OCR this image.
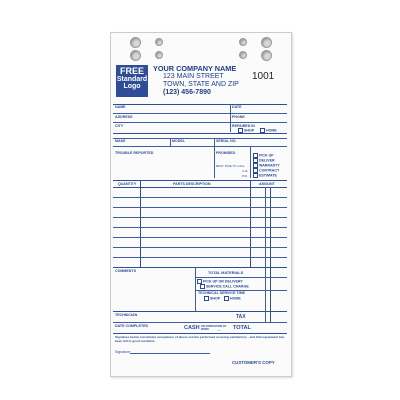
FREE
Standard
Logo
YOUR COMPANY NAME
123 MAIN STREET
TOWN, STATE AND ZIP
(123) 456-7890
1001
NAME	DATE
ADDRESS	PHONE
CITY	REPAIRED IN
SHOP	HOME
MAKE	MODEL	SERIAL NO.
TROUBLE REPORTED	PROMISED
BEST TIME TO CALL
A.M.
P.M.
PICK UP
DELIVER
WARRANTY
CONTRACT
ESTIMATE
QUANTITY	PARTS DESCRIPTION	AMOUNT
COMMENTS	TOTAL MATERIALS
PICK UP OR DELIVERY
SERVICE CALL CHARGE
TECHNICAL SERVICE TIME
SHOP	HOME
TECHNICIAN	TAX
DATE COMPLETED	CASH ON COMPLETION OF WORK	→ TOTAL
Signature below constitutes acceptance of above service performed as being satisfactory - and that equipment has been left in good condition.
Signature
CUSTOMER'S COPY
